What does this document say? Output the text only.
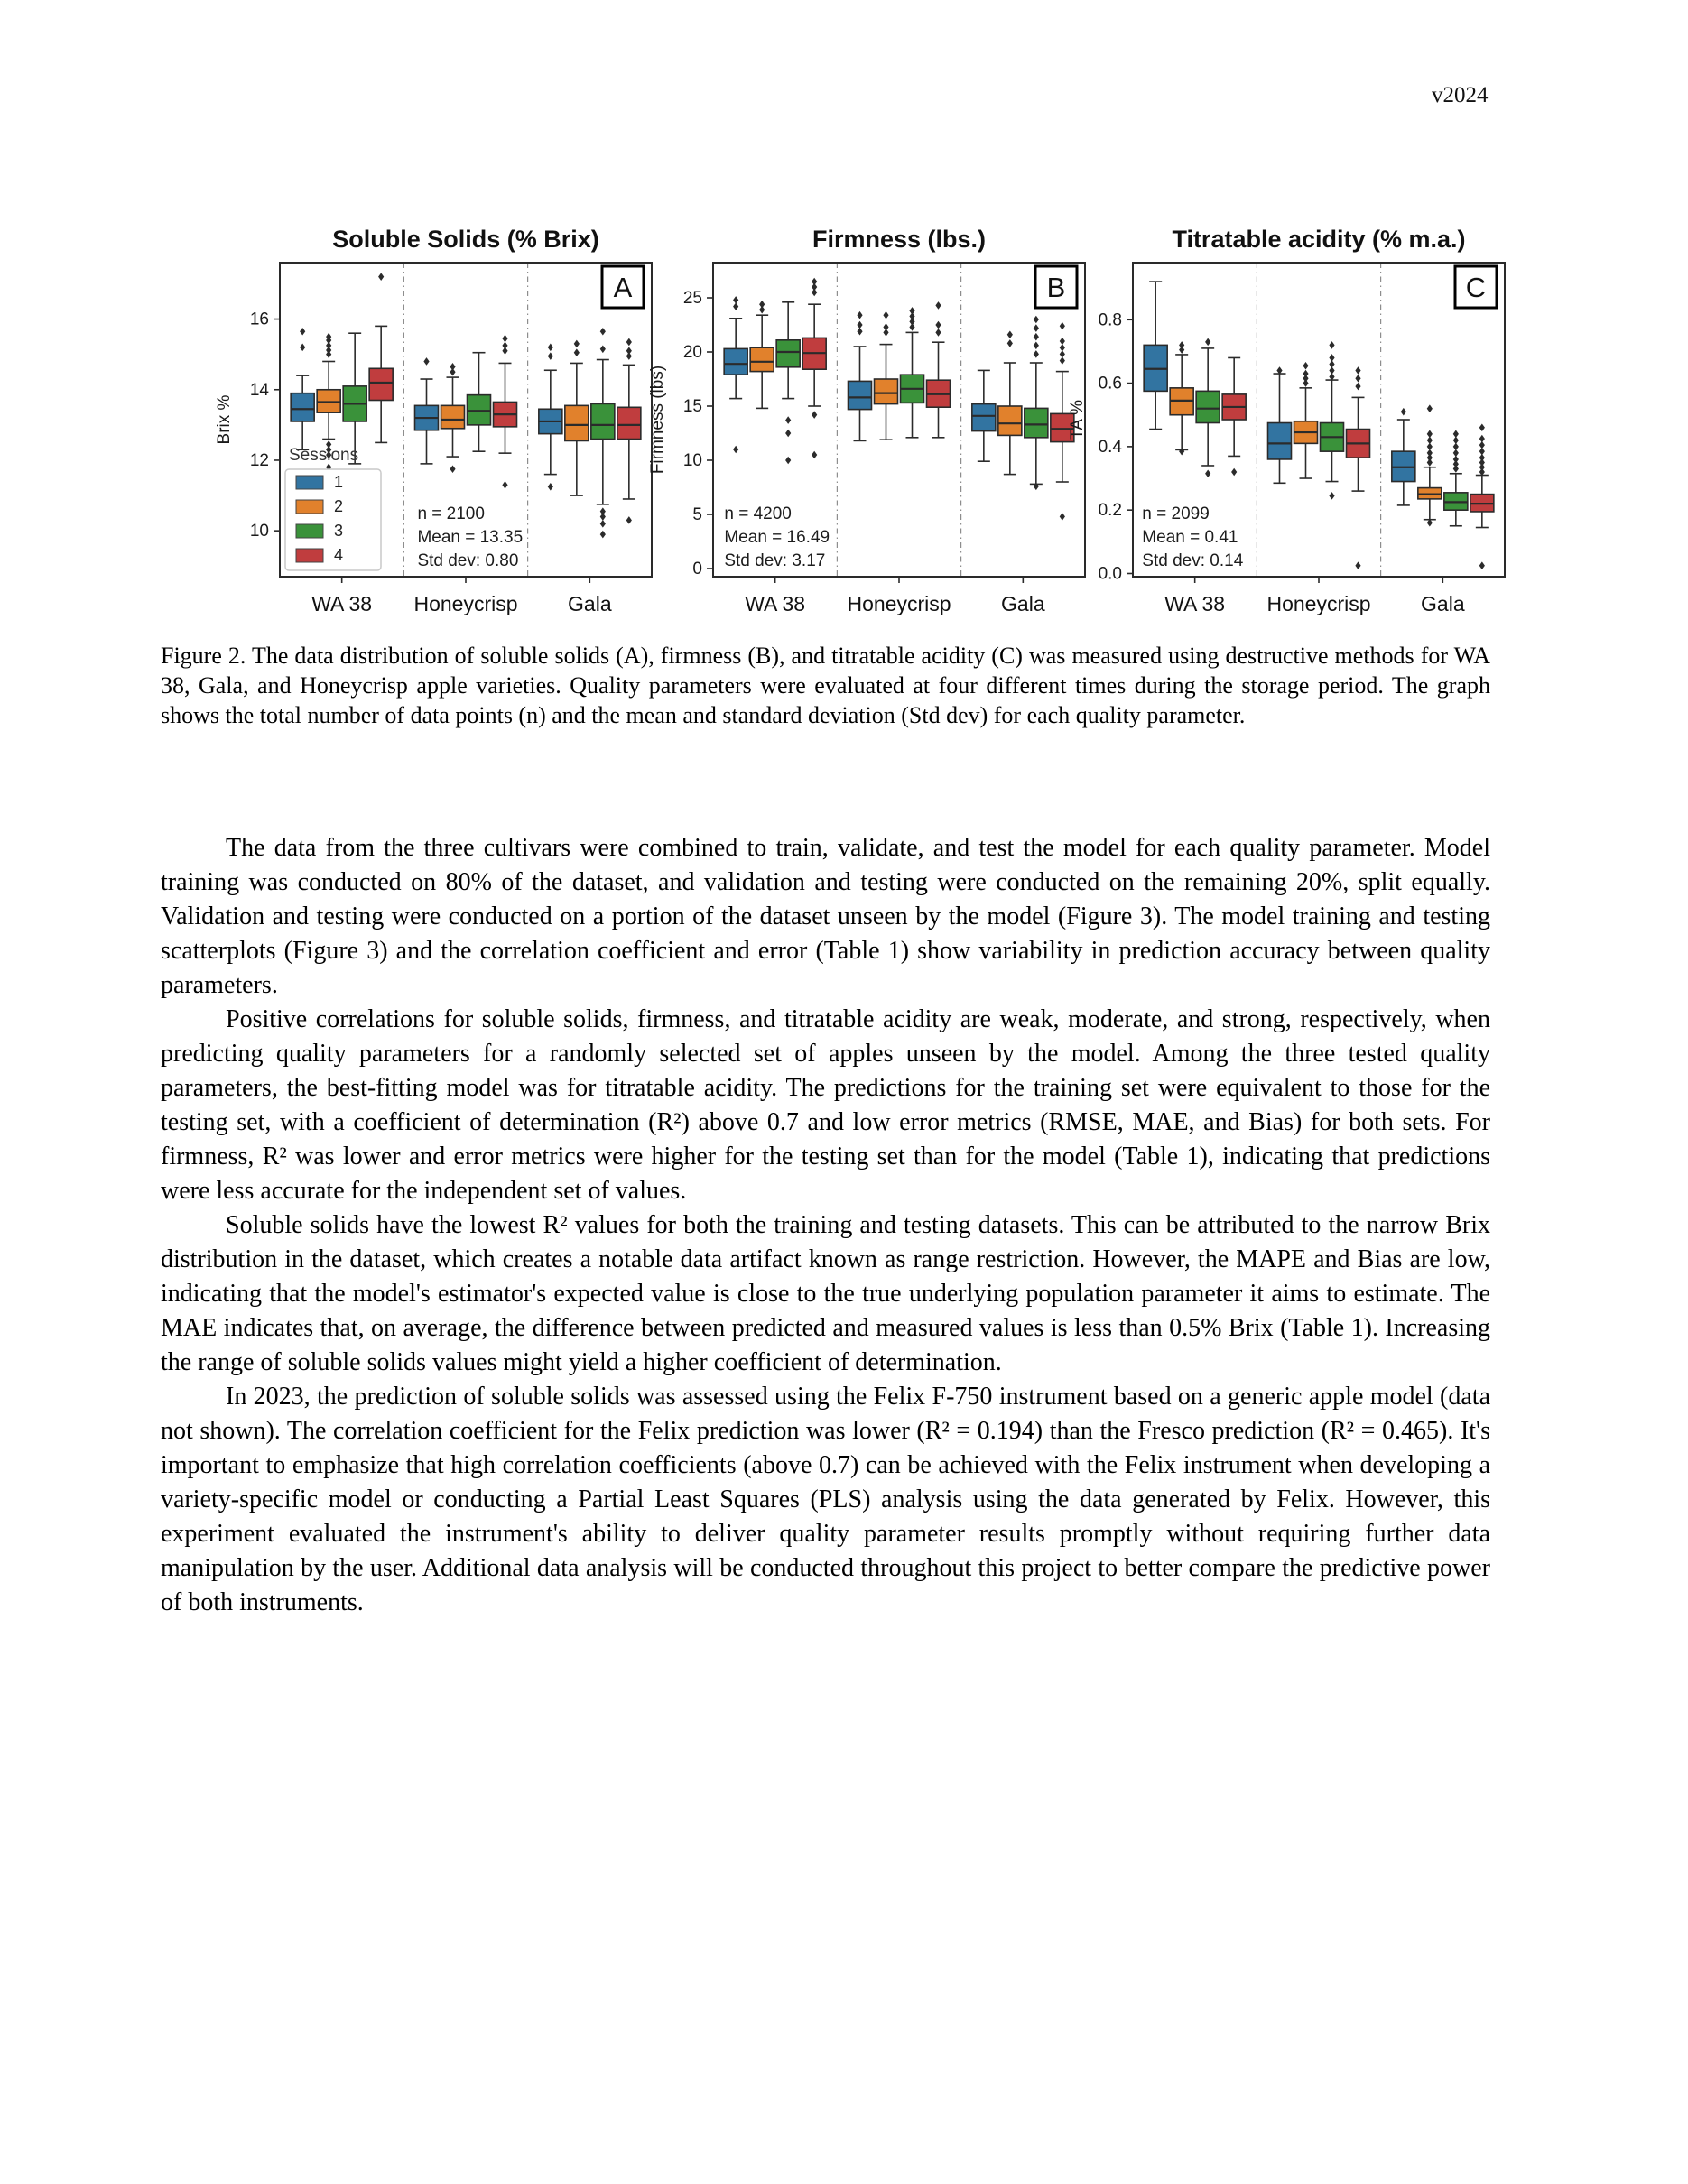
v2024
Soluble Solids (% Brix)
10
12
14
16
Brix %
WA 38 Honeycrisp Gala
n = 2100
Mean = 13.35
Std dev: 0.80
Sessions
1
2
3
4
A
Firmness (lbs.)
0
5
10
15
20
25
Firmness (lbs)
WA 38 Honeycrisp Gala
n = 4200
Mean = 16.49
Std dev: 3.17
B
Titratable acidity (% m.a.)
0.0
0.2
0.4
0.6
0.8
TA %
WA 38 Honeycrisp Gala
n = 2099
Mean = 0.41
Std dev: 0.14
C

Figure 2. The data distribution of soluble solids (A), firmness (B), and titratable acidity (C) was measured using destructive methods for WA 38, Gala, and Honeycrisp apple varieties. Quality parameters were evaluated at four different times during the storage period. The graph shows the total number of data points (n) and the mean and standard deviation (Std dev) for each quality parameter.

The data from the three cultivars were combined to train, validate, and test the model for each quality parameter. Model training was conducted on 80% of the dataset, and validation and testing were conducted on the remaining 20%, split equally. Validation and testing were conducted on a portion of the dataset unseen by the model (Figure 3). The model training and testing scatterplots (Figure 3) and the correlation coefficient and error (Table 1) show variability in prediction accuracy between quality parameters.

Positive correlations for soluble solids, firmness, and titratable acidity are weak, moderate, and strong, respectively, when predicting quality parameters for a randomly selected set of apples unseen by the model. Among the three tested quality parameters, the best-fitting model was for titratable acidity. The predictions for the training set were equivalent to those for the testing set, with a coefficient of determination (R²) above 0.7 and low error metrics (RMSE, MAE, and Bias) for both sets. For firmness, R² was lower and error metrics were higher for the testing set than for the model (Table 1), indicating that predictions were less accurate for the independent set of values.

Soluble solids have the lowest R² values for both the training and testing datasets. This can be attributed to the narrow Brix distribution in the dataset, which creates a notable data artifact known as range restriction. However, the MAPE and Bias are low, indicating that the model's estimator's expected value is close to the true underlying population parameter it aims to estimate. The MAE indicates that, on average, the difference between predicted and measured values is less than 0.5% Brix (Table 1). Increasing the range of soluble solids values might yield a higher coefficient of determination.

In 2023, the prediction of soluble solids was assessed using the Felix F-750 instrument based on a generic apple model (data not shown). The correlation coefficient for the Felix prediction was lower (R² = 0.194) than the Fresco prediction (R² = 0.465). It's important to emphasize that high correlation coefficients (above 0.7) can be achieved with the Felix instrument when developing a variety-specific model or conducting a Partial Least Squares (PLS) analysis using the data generated by Felix. However, this experiment evaluated the instrument's ability to deliver quality parameter results promptly without requiring further data manipulation by the user. Additional data analysis will be conducted throughout this project to better compare the predictive power of both instruments.
